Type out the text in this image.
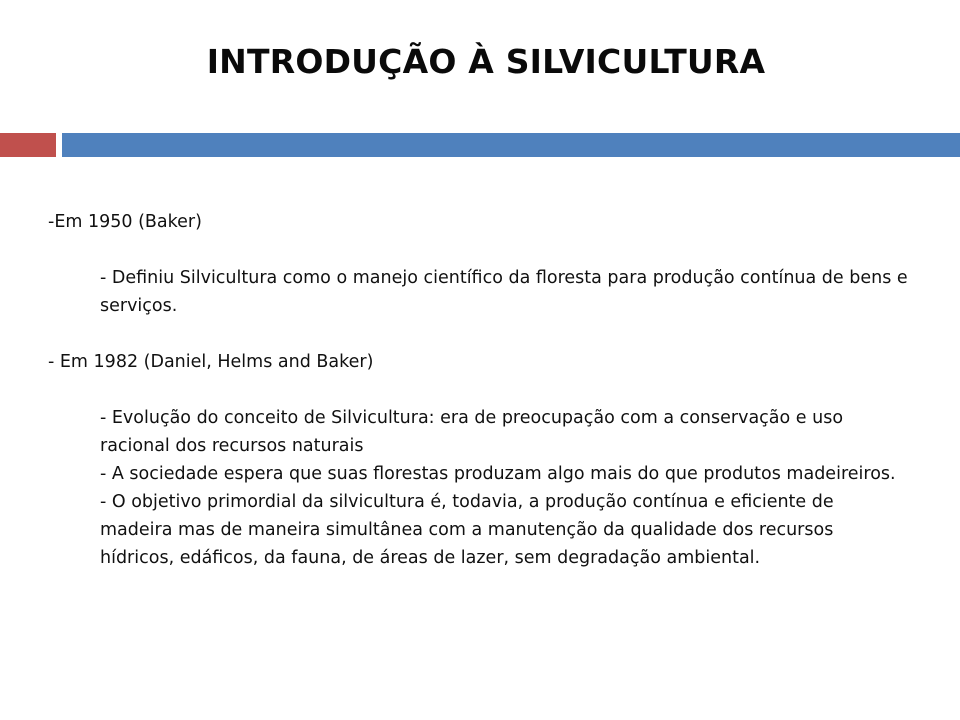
INTRODUÇÃO À SILVICULTURA

-Em 1950 (Baker)

- Definiu Silvicultura como o manejo científico da floresta para produção contínua de bens e serviços.

- Em 1982 (Daniel, Helms and Baker)

- Evolução do conceito de Silvicultura: era de preocupação com a conservação e uso racional dos recursos naturais

- A sociedade espera que suas florestas produzam algo mais do que produtos madeireiros.

- O objetivo primordial da silvicultura é, todavia, a produção contínua e eficiente de madeira mas de maneira simultânea com a manutenção da qualidade dos recursos hídricos, edáficos, da fauna, de áreas de lazer, sem degradação ambiental.
